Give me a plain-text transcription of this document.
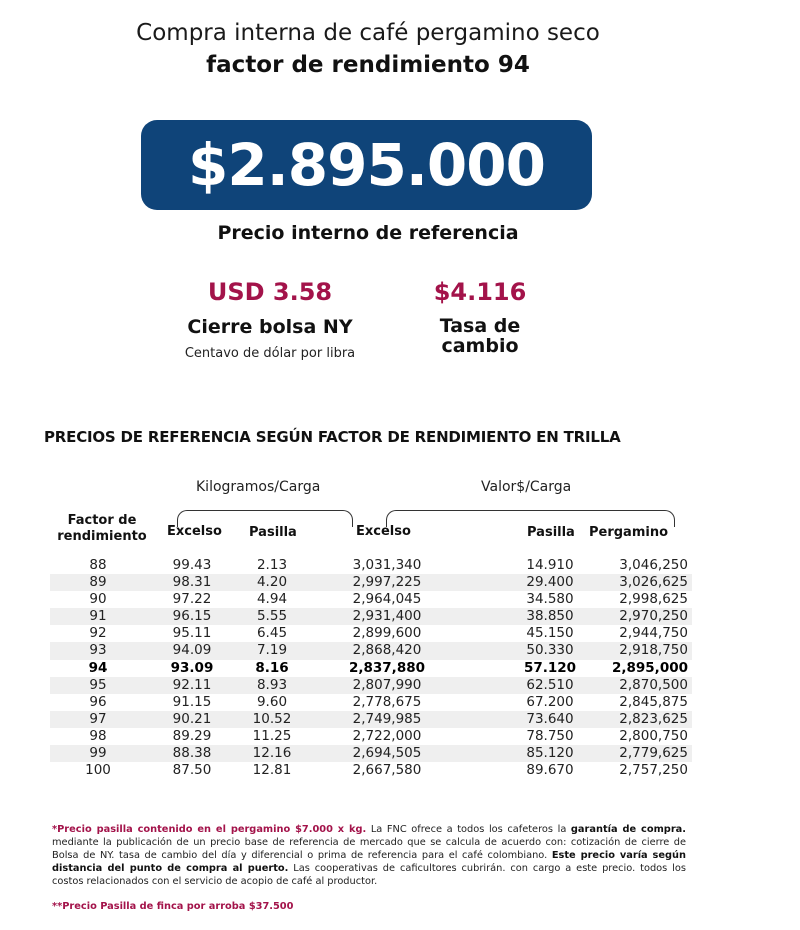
Compra interna de café pergamino seco
factor de rendimiento 94
$2.895.000
Precio interno de referencia
USD 3.58
Cierre bolsa NY
Centavo de dólar por libra
$4.116
Tasa de
cambio
PRECIOS DE REFERENCIA SEGÚN FACTOR DE RENDIMIENTO EN TRILLA
Kilogramos/Carga	Valor$/Carga
Factor de
rendimiento	Excelso Pasilla	Excelso	Pasilla Pergamino
88	99.43	2.13	3,031,340	14.910	3,046,250
89	98.31	4.20	2,997,225	29.400	3,026,625
90	97.22	4.94	2,964,045	34.580	2,998,625
91	96.15	5.55	2,931,400	38.850	2,970,250
92	95.11	6.45	2,899,600	45.150	2,944,750
93	94.09	7.19	2,868,420	50.330	2,918,750
94	93.09	8.16	2,837,880	57.120	2,895,000
95	92.11	8.93	2,807,990	62.510	2,870,500
96	91.15	9.60	2,778,675	67.200	2,845,875
97	90.21	10.52	2,749,985	73.640	2,823,625
98	89.29	11.25	2,722,000	78.750	2,800,750
99	88.38	12.16	2,694,505	85.120	2,779,625
100	87.50	12.81	2,667,580	89.670	2,757,250
*Precio pasilla contenido en el pergamino $7.000 x kg. La FNC ofrece a todos los cafeteros la garantía de compra. mediante la publicación de un precio base de referencia de mercado que se calcula de acuerdo con: cotización de cierre de Bolsa de NY. tasa de cambio del día y diferencial o prima de referencia para el café colombiano. Este precio varía según distancia del punto de compra al puerto. Las cooperativas de caficultores cubrirán. con cargo a este precio. todos los costos relacionados con el servicio de acopio de café al productor.
**Precio Pasilla de finca por arroba $37.500
